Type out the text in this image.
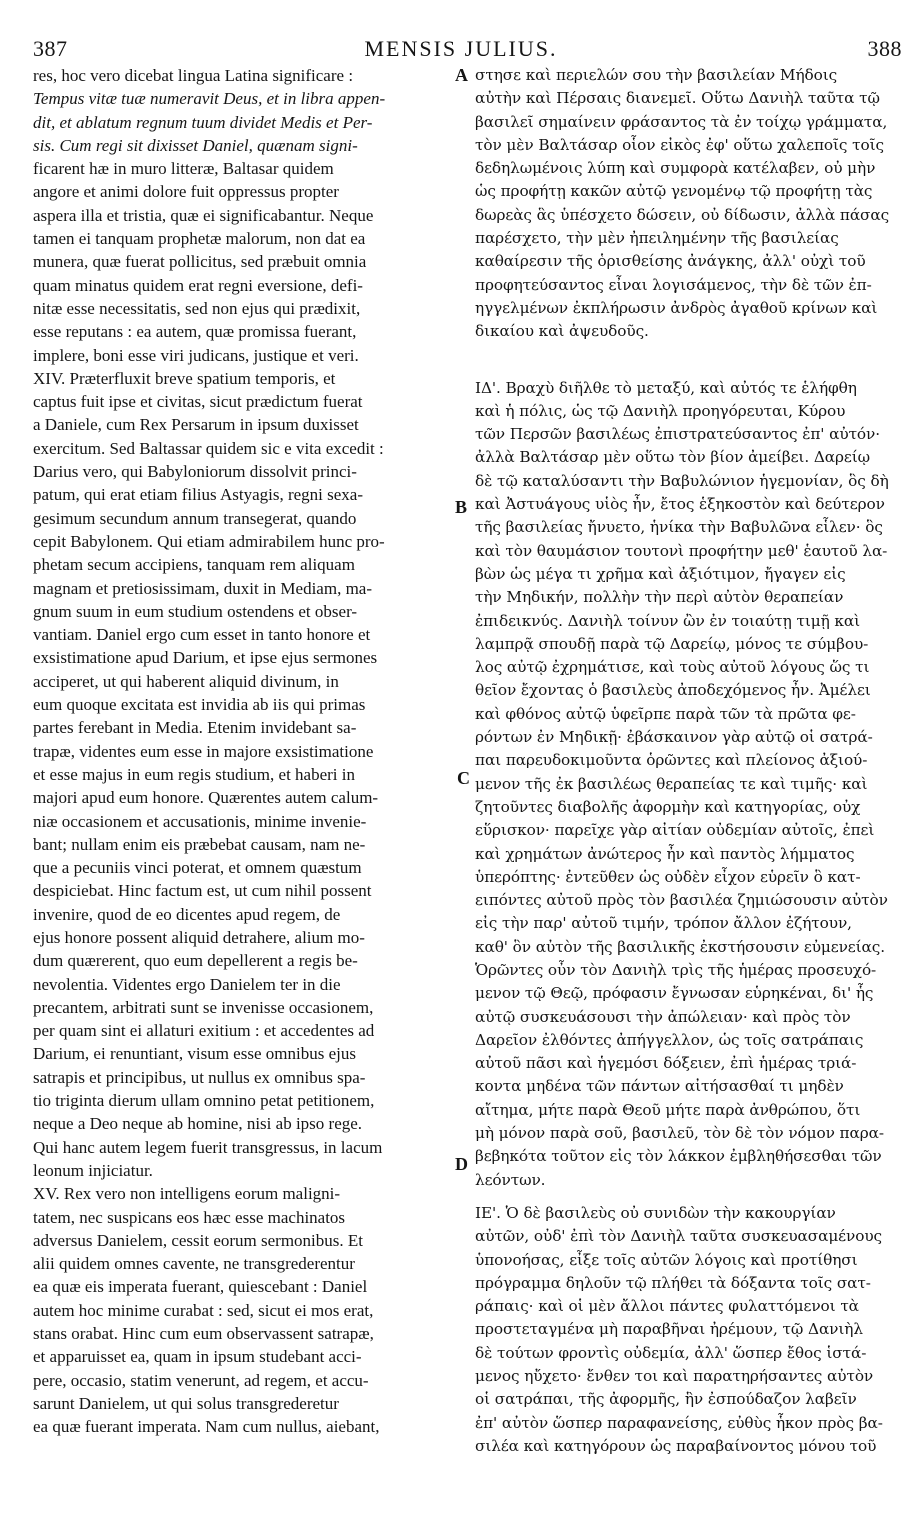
387	MENSIS JULIUS.	388
res, hoc vero dicebat lingua Latina significare :
Tempus vitæ tuæ numeravit Deus, et in libra appen-
dit, et ablatum regnum tuum dividet Medis et Per-
sis. Cum regi sit dixisset Daniel, quænam signi-
ficarent hæ in muro litteræ, Baltasar quidem
angore et animi dolore fuit oppressus propter
aspera illa et tristia, quæ ei significabantur. Neque
tamen ei tanquam prophetæ malorum, non dat ea
munera, quæ fuerat pollicitus, sed præbuit omnia
quam minatus quidem erat regni eversione, defi-
nitæ esse necessitatis, sed non ejus qui prædixit,
esse reputans : ea autem, quæ promissa fuerant,
implere, boni esse viri judicans, justique et veri.
XIV. Præterfluxit breve spatium temporis, et
captus fuit ipse et civitas, sicut prædictum fuerat
a Daniele, cum Rex Persarum in ipsum duxisset
exercitum. Sed Baltassar quidem sic e vita excedit :
Darius vero, qui Babyloniorum dissolvit princi-
patum, qui erat etiam filius Astyagis, regni sexa-
gesimum secundum annum transegerat, quando
cepit Babylonem. Qui etiam admirabilem hunc pro-
phetam secum accipiens, tanquam rem aliquam
magnam et pretiosissimam, duxit in Mediam, ma-
gnum suum in eum studium ostendens et obser-
vantiam. Daniel ergo cum esset in tanto honore et
exsistimatione apud Darium, et ipse ejus sermones
acciperet, ut qui haberent aliquid divinum, in
eum quoque excitata est invidia ab iis qui primas
partes ferebant in Media. Etenim invidebant sa-
trapæ, videntes eum esse in majore exsistimatione
et esse majus in eum regis studium, et haberi in
majori apud eum honore. Quærentes autem calum-
niæ occasionem et accusationis, minime invenie-
bant; nullam enim eis præbebat causam, nam ne-
que a pecuniis vinci poterat, et omnem quæstum
despiciebat. Hinc factum est, ut cum nihil possent
invenire, quod de eo dicentes apud regem, de
ejus honore possent aliquid detrahere, alium mo-
dum quærerent, quo eum depellerent a regis be-
nevolentia. Videntes ergo Danielem ter in die
precantem, arbitrati sunt se invenisse occasionem,
per quam sint ei allaturi exitium : et accedentes ad
Darium, ei renuntiant, visum esse omnibus ejus
satrapis et principibus, ut nullus ex omnibus spa-
tio triginta dierum ullam omnino petat petitionem,
neque a Deo neque ab homine, nisi ab ipso rege.
Qui hanc autem legem fuerit transgressus, in lacum
leonum injiciatur.
XV. Rex vero non intelligens eorum maligni-
tatem, nec suspicans eos hæc esse machinatos
adversus Danielem, cessit eorum sermonibus. Et
alii quidem omnes cavente, ne transgrederentur
ea quæ eis imperata fuerant, quiescebant : Daniel
autem hoc minime curabat : sed, sicut ei mos erat,
stans orabat. Hinc cum eum observassent satrapæ,
et apparuisset ea, quam in ipsum studebant acci-
pere, occasio, statim venerunt, ad regem, et accu-
sarunt Danielem, ut qui solus transgrederetur
ea quæ fuerant imperata. Nam cum nullus, aiebant,
στησε καὶ περιελών σου τὴν βασιλείαν Μήδοις
αὐτὴν καὶ Πέρσαις διανεμεῖ. Οὕτω Δανιὴλ ταῦτα τῷ
βασιλεῖ σημαίνειν φράσαντος τὰ ἐν τοίχῳ γράμματα,
τὸν μὲν Βαλτάσαρ οἷον εἰκὸς ἐφ' οὕτω χαλεποῖς τοῖς
δεδηλωμένοις λύπη καὶ συμφορὰ κατέλαβεν, οὐ μὴν
ὡς προφήτῃ κακῶν αὐτῷ γενομένῳ τῷ προφήτῃ τὰς
δωρεὰς ἃς ὑπέσχετο δώσειν, οὐ δίδωσιν, ἀλλὰ πάσας
παρέσχετο, τὴν μὲν ἠπειλημένην τῆς βασιλείας
καθαίρεσιν τῆς ὁρισθείσης ἀνάγκης, ἀλλ' οὐχὶ τοῦ
προφητεύσαντος εἶναι λογισάμενος, τὴν δὲ τῶν ἐπ-
ηγγελμένων ἐκπλήρωσιν ἀνδρὸς ἀγαθοῦ κρίνων καὶ
δικαίου καὶ ἀψευδοῦς.
ΙΔ'. Βραχὺ διῆλθε τὸ μεταξύ, καὶ αὐτός τε ἑλήφθη
καὶ ἡ πόλις, ὡς τῷ Δανιὴλ προηγόρευται, Κύρου
τῶν Περσῶν βασιλέως ἐπιστρατεύσαντος ἐπ' αὐτόν·
ἀλλὰ Βαλτάσαρ μὲν οὕτω τὸν βίον ἀμείβει. Δαρείῳ
δὲ τῷ καταλύσαντι τὴν Βαβυλώνιον ἡγεμονίαν, ὃς δὴ
καὶ Ἀστυάγους υἱὸς ἦν, ἔτος ἑξηκοστὸν καὶ δεύτερον
τῆς βασιλείας ἤνυετο, ἡνίκα τὴν Βαβυλῶνα εἷλεν· ὃς
καὶ τὸν θαυμάσιον τουτονὶ προφήτην μεθ' ἑαυτοῦ λα-
βὼν ὡς μέγα τι χρῆμα καὶ ἀξιότιμον, ἤγαγεν εἰς
τὴν Μηδικήν, πολλὴν τὴν περὶ αὐτὸν θεραπείαν
ἐπιδεικνύς. Δανιὴλ τοίνυν ὢν ἐν τοιαύτῃ τιμῇ καὶ
λαμπρᾷ σπουδῇ παρὰ τῷ Δαρείῳ, μόνος τε σύμβου-
λος αὐτῷ ἐχρημάτισε, καὶ τοὺς αὐτοῦ λόγους ὥς τι
θεῖον ἔχοντας ὁ βασιλεὺς ἀποδεχόμενος ἦν. Ἀμέλει
καὶ φθόνος αὐτῷ ὑφεῖρπε παρὰ τῶν τὰ πρῶτα φε-
ρόντων ἐν Μηδικῇ· ἐβάσκαινον γὰρ αὐτῷ οἱ σατρά-
παι παρευδοκιμοῦντα ὁρῶντες καὶ πλείονος ἀξιού-
μενον τῆς ἐκ βασιλέως θεραπείας τε καὶ τιμῆς· καὶ
ζητοῦντες διαβολῆς ἀφορμὴν καὶ κατηγορίας, οὐχ
εὕρισκον· παρεῖχε γὰρ αἰτίαν οὐδεμίαν αὐτοῖς, ἐπεὶ
καὶ χρημάτων ἀνώτερος ἦν καὶ παντὸς λήμματος
ὑπερόπτης· ἐντεῦθεν ὡς οὐδὲν εἶχον εὑρεῖν ὃ κατ-
ειπόντες αὐτοῦ πρὸς τὸν βασιλέα ζημιώσουσιν αὐτὸν
εἰς τὴν παρ' αὐτοῦ τιμήν, τρόπον ἄλλον ἐζήτουν,
καθ' ὃν αὐτὸν τῆς βασιλικῆς ἐκστήσουσιν εὐμενείας.
Ὁρῶντες οὖν τὸν Δανιὴλ τρὶς τῆς ἡμέρας προσευχό-
μενον τῷ Θεῷ, πρόφασιν ἔγνωσαν εὑρηκέναι, δι' ἧς
αὐτῷ συσκευάσουσι τὴν ἀπώλειαν· καὶ πρὸς τὸν
Δαρεῖον ἐλθόντες ἀπήγγελλον, ὡς τοῖς σατράπαις
αὐτοῦ πᾶσι καὶ ἡγεμόσι δόξειεν, ἐπὶ ἡμέρας τριά-
κοντα μηδένα τῶν πάντων αἰτήσασθαί τι μηδὲν
αἴτημα, μήτε παρὰ Θεοῦ μήτε παρὰ ἀνθρώπου, ὅτι
μὴ μόνον παρὰ σοῦ, βασιλεῦ, τὸν δὲ τὸν νόμον παρα-
βεβηκότα τοῦτον εἰς τὸν λάκκον ἐμβληθήσεσθαι τῶν
λεόντων.
ΙΕ'. Ὁ δὲ βασιλεὺς οὐ συνιδὼν τὴν κακουργίαν
αὐτῶν, οὐδ' ἐπὶ τὸν Δανιὴλ ταῦτα συσκευασαμένους
ὑπονοήσας, εἶξε τοῖς αὐτῶν λόγοις καὶ προτίθησι
πρόγραμμα δηλοῦν τῷ πλήθει τὰ δόξαντα τοῖς σατ-
ράπαις· καὶ οἱ μὲν ἄλλοι πάντες φυλαττόμενοι τὰ
προστεταγμένα μὴ παραβῆναι ἠρέμουν, τῷ Δανιὴλ
δὲ τούτων φροντὶς οὐδεμία, ἀλλ' ὥσπερ ἔθος ἱστά-
μενος ηὔχετο· ἔνθεν τοι καὶ παρατηρήσαντες αὐτὸν
οἱ σατράπαι, τῆς ἀφορμῆς, ἣν ἐσπούδαζον λαβεῖν
ἐπ' αὐτὸν ὥσπερ παραφανείσης, εὐθὺς ἧκον πρὸς βα-
σιλέα καὶ κατηγόρουν ὡς παραβαίνοντος μόνου τοῦ
A
B
C
D
